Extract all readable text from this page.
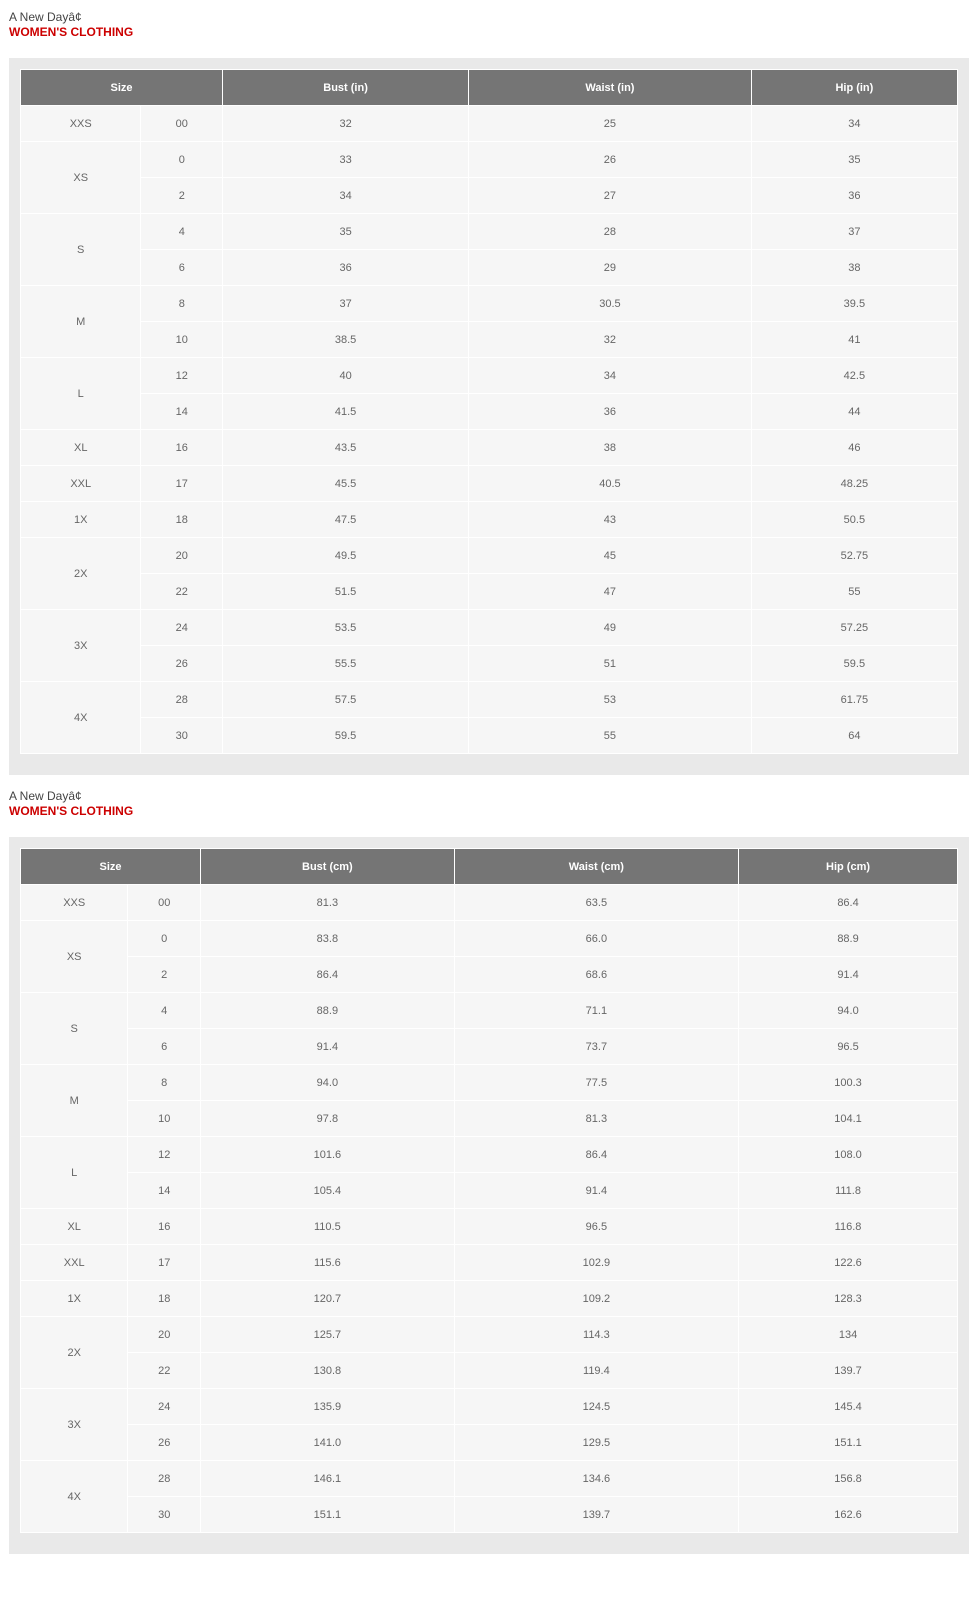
A New Dayâ¢
WOMEN'S CLOTHING
Size		Bust (in)	Waist (in)	Hip (in)
XXS	00	32	25	34
XS	0	33	26	35
	2	34	27	36
S	4	35	28	37
	6	36	29	38
M	8	37	30.5	39.5
	10	38.5	32	41
L	12	40	34	42.5
	14	41.5	36	44
XL	16	43.5	38	46
XXL	17	45.5	40.5	48.25
1X	18	47.5	43	50.5
2X	20	49.5	45	52.75
	22	51.5	47	55
3X	24	53.5	49	57.25
	26	55.5	51	59.5
4X	28	57.5	53	61.75
	30	59.5	55	64
A New Dayâ¢
WOMEN'S CLOTHING
Size		Bust (cm)	Waist (cm)	Hip (cm)
XXS	00	81.3	63.5	86.4
XS	0	83.8	66.0	88.9
	2	86.4	68.6	91.4
S	4	88.9	71.1	94.0
	6	91.4	73.7	96.5
M	8	94.0	77.5	100.3
	10	97.8	81.3	104.1
L	12	101.6	86.4	108.0
	14	105.4	91.4	111.8
XL	16	110.5	96.5	116.8
XXL	17	115.6	102.9	122.6
1X	18	120.7	109.2	128.3
2X	20	125.7	114.3	134
	22	130.8	119.4	139.7
3X	24	135.9	124.5	145.4
	26	141.0	129.5	151.1
4X	28	146.1	134.6	156.8
	30	151.1	139.7	162.6
